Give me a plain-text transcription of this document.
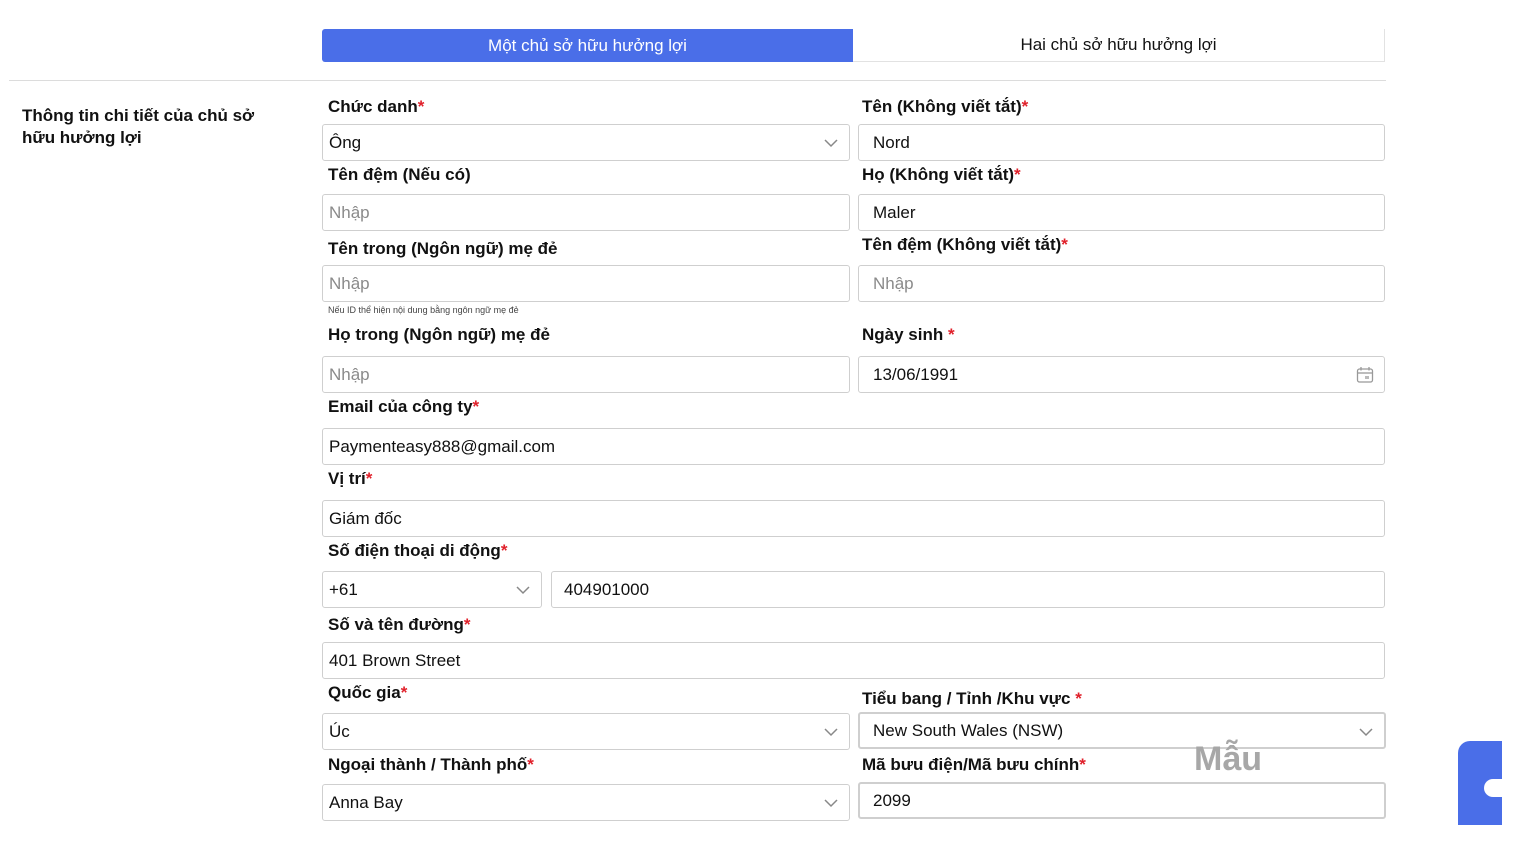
Một chủ sở hữu hưởng lợi	Hai chủ sở hữu hưởng lợi
Thông tin chi tiết của chủ sở hữu hưởng lợi
Chức danh*
Ông
Tên (Không viết tắt)*
Nord
Tên đệm (Nếu có)
Nhập
Họ (Không viết tắt)*
Maler
Tên trong (Ngôn ngữ) mẹ đẻ
Nhập
Nếu ID thể hiện nội dung bằng ngôn ngữ mẹ đẻ
Tên đệm (Không viết tắt)*
Nhập
Họ trong (Ngôn ngữ) mẹ đẻ
Nhập
Ngày sinh *
13/06/1991
Email của công ty*
Paymenteasy888@gmail.com
Vị trí*
Giám đốc
Số điện thoại di động*
+61	404901000
Số và tên đường*
401 Brown Street
Quốc gia*
Úc
Tiểu bang / Tỉnh /Khu vực *
New South Wales (NSW)
Ngoại thành / Thành phố*
Anna Bay
Mã bưu điện/Mã bưu chính*
2099
Mẫu
